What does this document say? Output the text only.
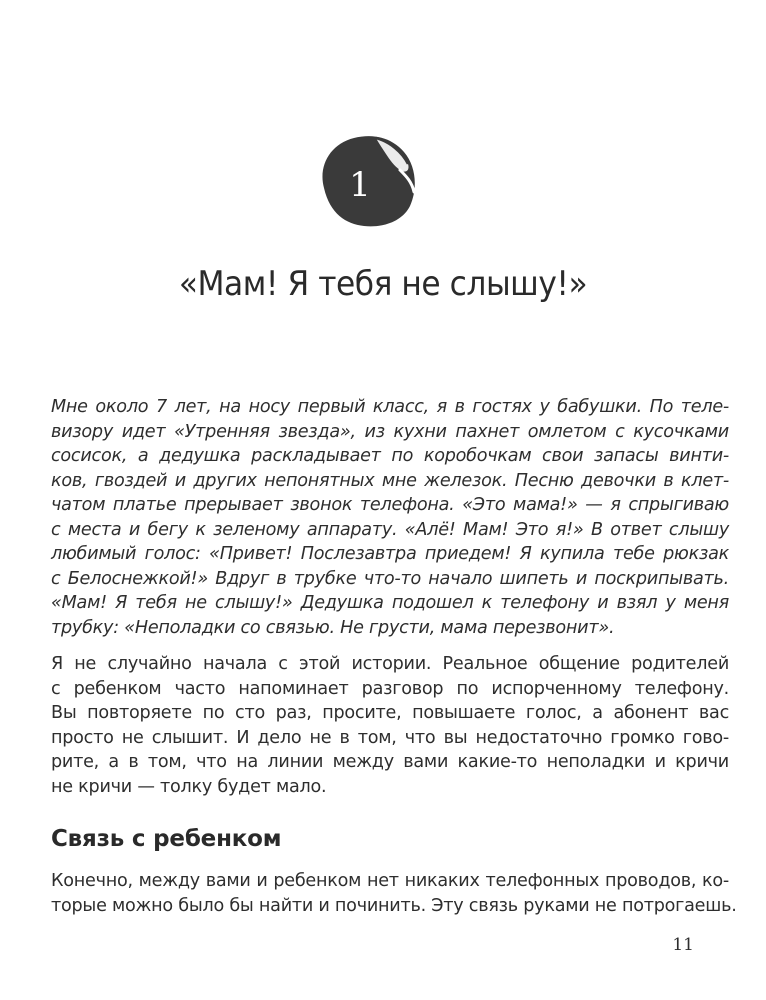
1
«Мам! Я тебя не слышу!»

Мне около 7 лет, на носу первый класс, я в гостях у бабушки. По теле-
визору идет «Утренняя звезда», из кухни пахнет омлетом с кусочками
сосисок, а дедушка раскладывает по коробочкам свои запасы винти-
ков, гвоздей и других непонятных мне железок. Песню девочки в клет-
чатом платье прерывает звонок телефона. «Это мама!» — я спрыгиваю
с места и бегу к зеленому аппарату. «Алё! Мам! Это я!» В ответ слышу
любимый голос: «Привет! Послезавтра приедем! Я купила тебе рюкзак
с Белоснежкой!» Вдруг в трубке что-то начало шипеть и поскрипывать.
«Мам! Я тебя не слышу!» Дедушка подошел к телефону и взял у меня
трубку: «Неполадки со связью. Не грусти, мама перезвонит».

Я не случайно начала с этой истории. Реальное общение родителей
с ребенком часто напоминает разговор по испорченному телефону.
Вы повторяете по сто раз, просите, повышаете голос, а абонент вас
просто не слышит. И дело не в том, что вы недостаточно громко гово-
рите, а в том, что на линии между вами какие-то неполадки и кричи
не кричи — толку будет мало.

Связь с ребенком

Конечно, между вами и ребенком нет никаких телефонных проводов, ко-
торые можно было бы найти и починить. Эту связь руками не потрогаешь.

11
